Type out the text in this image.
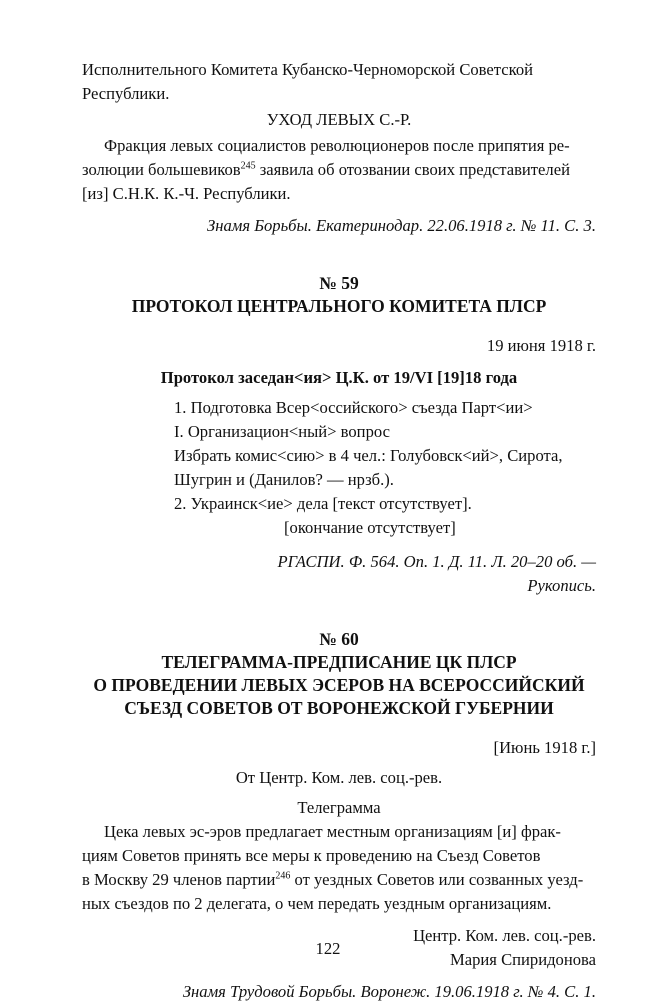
Исполнительного Комитета Кубанско-Черноморской Советской

Республики.

УХОД ЛЕВЫХ С.-Р.

Фракция левых социалистов революционеров после припятия ре-

золюции большевиков$^{245}$ заявила об отозвании своих представителей

[из] С.Н.К. К.-Ч. Республики.

Знамя Борьбы. Екатеринодар. 22.06.1918 г. № 11. С. 3.

№ 59

ПРОТОКОЛ ЦЕНТРАЛЬНОГО КОМИТЕТА ПЛСР

19 июня 1918 г.

Протокол заседан<ия> Ц.К. от 19/VI [19]18 года

1. Подготовка Всер<оссийского> съезда Парт<ии>

I. Организацион<ный> вопрос

Избрать комис<сию> в 4 чел.: Голубовск<ий>, Сирота,

Шугрин и (Данилов? — нрзб.).

2. Украинск<ие> дела [текст отсутствует].

[окончание отсутствует]

РГАСПИ. Ф. 564. Оп. 1. Д. 11. Л. 20–20 об. —

Рукопись.

№ 60

ТЕЛЕГРАММА-ПРЕДПИСАНИЕ ЦК ПЛСР

О ПРОВЕДЕНИИ ЛЕВЫХ ЭСЕРОВ НА ВСЕРОССИЙСКИЙ

СЪЕЗД СОВЕТОВ ОТ ВОРОНЕЖСКОЙ ГУБЕРНИИ

[Июнь 1918 г.]

От Центр. Ком. лев. соц.-рев.

Телеграмма

Цека левых эс-эров предлагает местным организациям [и] фрак-

циям Советов принять все меры к проведению на Съезд Советов

в Москву 29 членов партии$^{246}$ от уездных Советов или созванных уезд-

ных съездов по 2 делегата, о чем передать уездным организациям.

Центр. Ком. лев. соц.-рев.

Мария Спиридонова

Знамя Трудовой Борьбы. Воронеж. 19.06.1918 г. № 4. С. 1.

122
